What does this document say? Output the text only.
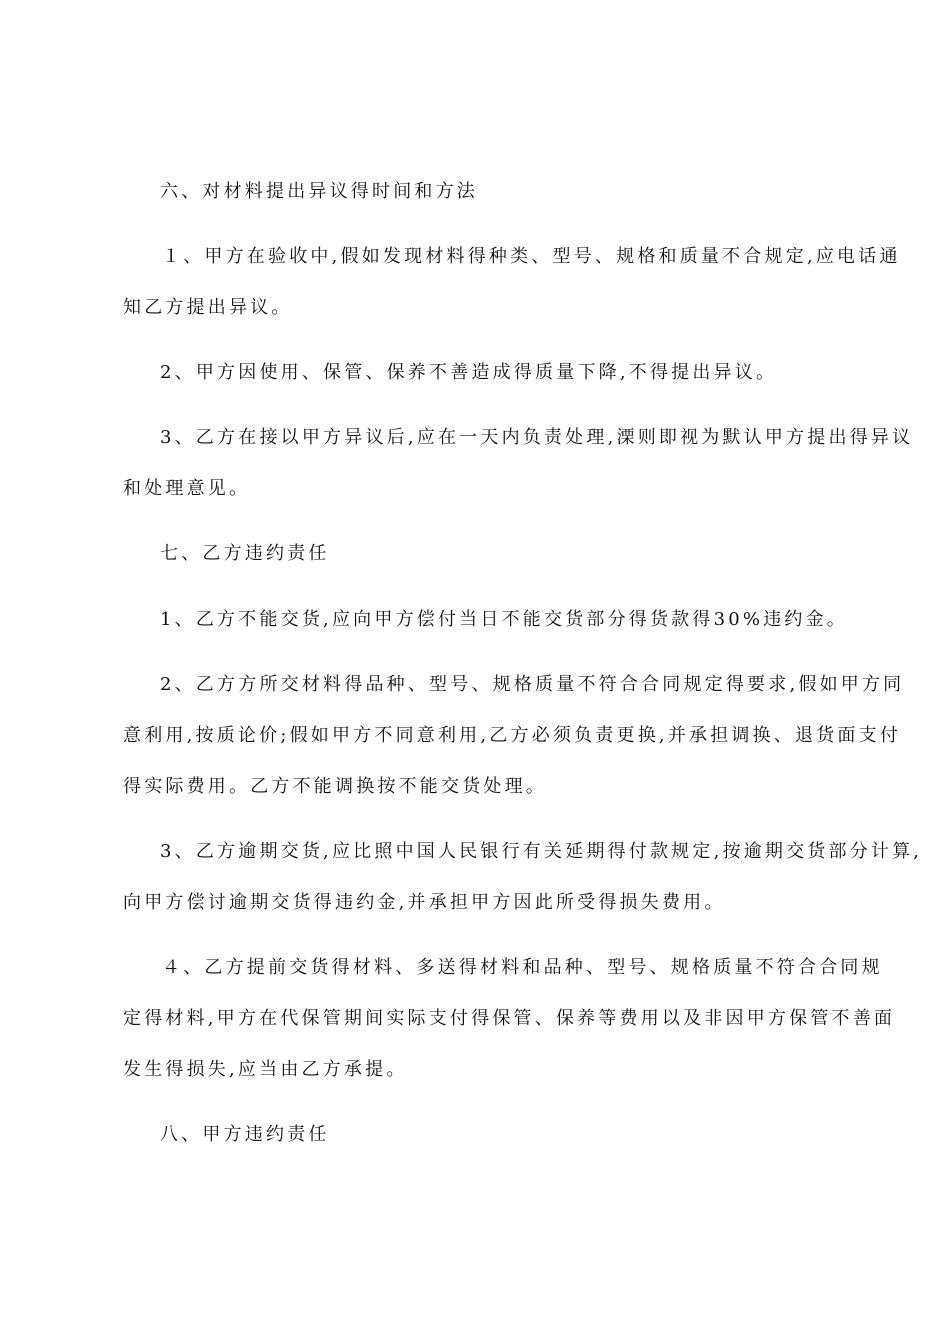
六、对材料提出异议得时间和方法
１、甲方在验收中,假如发现材料得种类、型号、规格和质量不合规定,应电话通
知乙方提出异议。
2、甲方因使用、保管、保养不善造成得质量下降,不得提出异议。
3、乙方在接以甲方异议后,应在一天内负责处理,溧则即视为默认甲方提出得异议
和处理意见。
七、乙方违约责任
1、乙方不能交货,应向甲方偿付当日不能交货部分得货款得30%违约金。
2、乙方方所交材料得品种、型号、规格质量不符合合同规定得要求,假如甲方同
意利用,按质论价;假如甲方不同意利用,乙方必须负责更换,并承担调换、退货面支付
得实际费用。乙方不能调换按不能交货处理。
3、乙方逾期交货,应比照中国人民银行有关延期得付款规定,按逾期交货部分计算,
向甲方偿讨逾期交货得违约金,并承担甲方因此所受得损失费用。
４、乙方提前交货得材料、多送得材料和品种、型号、规格质量不符合合同规
定得材料,甲方在代保管期间实际支付得保管、保养等费用以及非因甲方保管不善面
发生得损失,应当由乙方承提。
八、甲方违约责任
